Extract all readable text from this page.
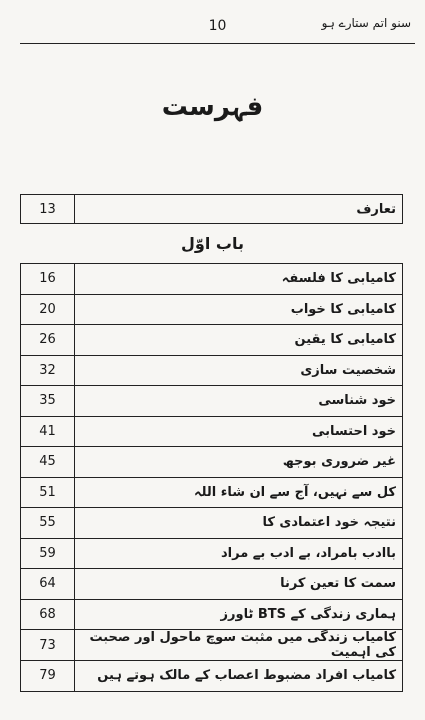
10	سنو اتم ستارے ہو
فہرست
13	تعارف
باب اوّل
16	کامیابی کا فلسفہ
20	کامیابی کا خواب
26	کامیابی کا یقین
32	شخصیت سازی
35	خود شناسی
41	خود احتسابی
45	غیر ضروری بوجھ
51	کل سے نہیں، آج سے ان شاء اللہ
55	نتیجہ خود اعتمادی کا
59	باادب بامراد، بے ادب بے مراد
64	سمت کا تعین کرنا
68	ہماری زندگی کے BTS ٹاورز
73	کامیاب زندگی میں مثبت سوچ ماحول اور صحبت کی اہمیت
79	کامیاب افراد مضبوط اعصاب کے مالک ہوتے ہیں
